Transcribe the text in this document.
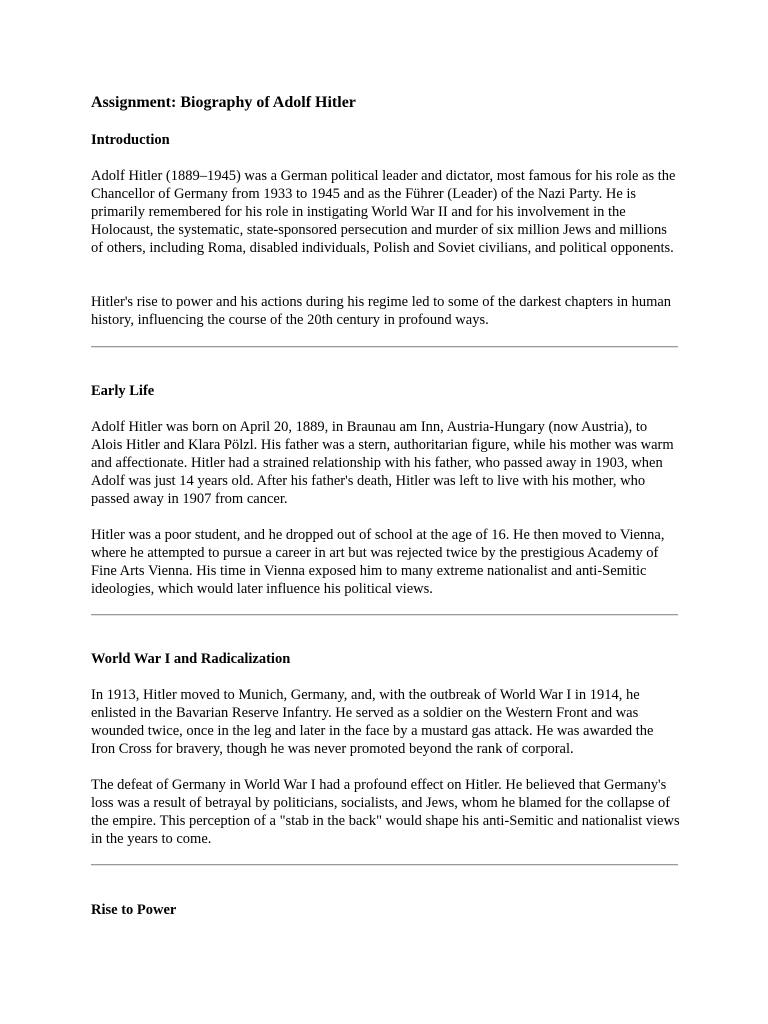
Assignment: Biography of Adolf Hitler
Introduction

Adolf Hitler (1889–1945) was a German political leader and dictator, most famous for his role as the Chancellor of Germany from 1933 to 1945 and as the Führer (Leader) of the Nazi Party. He is primarily remembered for his role in instigating World War II and for his involvement in the Holocaust, the systematic, state-sponsored persecution and murder of six million Jews and millions of others, including Roma, disabled individuals, Polish and Soviet civilians, and political opponents.

Hitler's rise to power and his actions during his regime led to some of the darkest chapters in human history, influencing the course of the 20th century in profound ways.

Early Life

Adolf Hitler was born on April 20, 1889, in Braunau am Inn, Austria-Hungary (now Austria), to Alois Hitler and Klara Pölzl. His father was a stern, authoritarian figure, while his mother was warm and affectionate. Hitler had a strained relationship with his father, who passed away in 1903, when Adolf was just 14 years old. After his father's death, Hitler was left to live with his mother, who passed away in 1907 from cancer.

Hitler was a poor student, and he dropped out of school at the age of 16. He then moved to Vienna, where he attempted to pursue a career in art but was rejected twice by the prestigious Academy of Fine Arts Vienna. His time in Vienna exposed him to many extreme nationalist and anti-Semitic ideologies, which would later influence his political views.

World War I and Radicalization

In 1913, Hitler moved to Munich, Germany, and, with the outbreak of World War I in 1914, he enlisted in the Bavarian Reserve Infantry. He served as a soldier on the Western Front and was wounded twice, once in the leg and later in the face by a mustard gas attack. He was awarded the Iron Cross for bravery, though he was never promoted beyond the rank of corporal.

The defeat of Germany in World War I had a profound effect on Hitler. He believed that Germany's loss was a result of betrayal by politicians, socialists, and Jews, whom he blamed for the collapse of the empire. This perception of a "stab in the back" would shape his anti-Semitic and nationalist views in the years to come.

Rise to Power
